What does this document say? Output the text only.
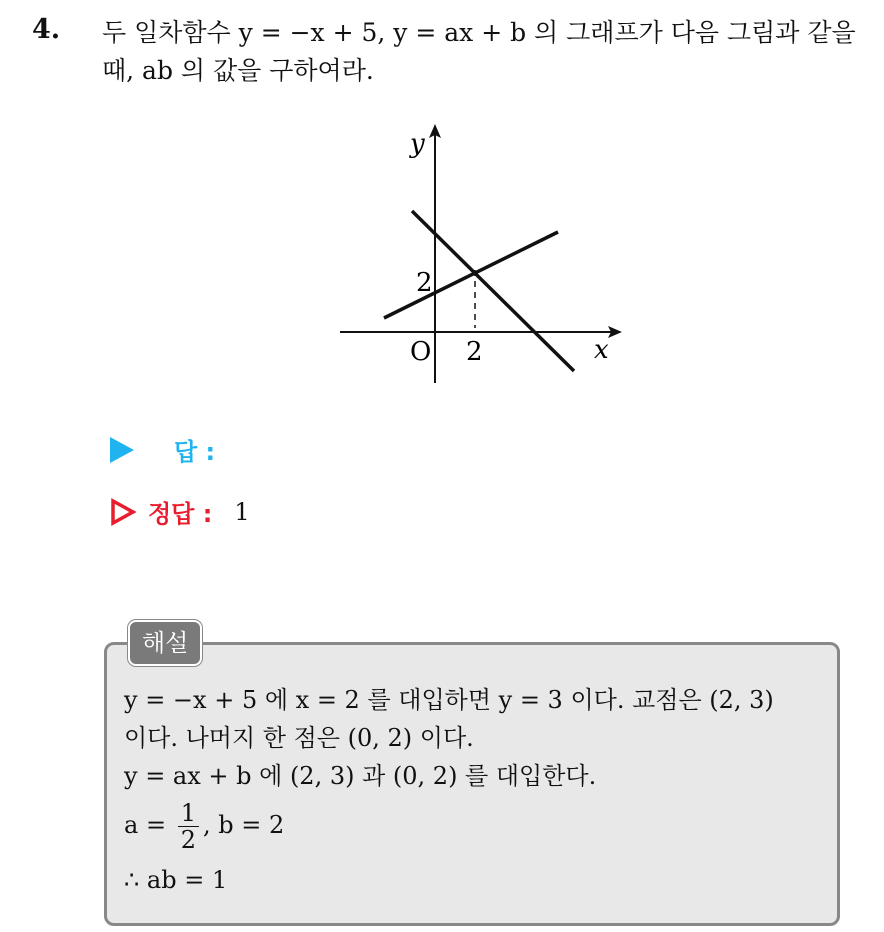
4. 두 일차함수 y = −x + 5, y = ax + b 의 그래프가 다음 그림과 같을
때, ab 의 값을 구하여라.
y
x
O
2
2
답 :
정답 : 1
해설
y = −x + 5 에 x = 2 를 대입하면 y = 3 이다. 교점은 (2, 3)
이다. 나머지 한 점은 (0, 2) 이다.
y = ax + b 에 (2, 3) 과 (0, 2) 를 대입한다.
$a = \frac{1}{2}$ , b = 2
∴ ab = 1
